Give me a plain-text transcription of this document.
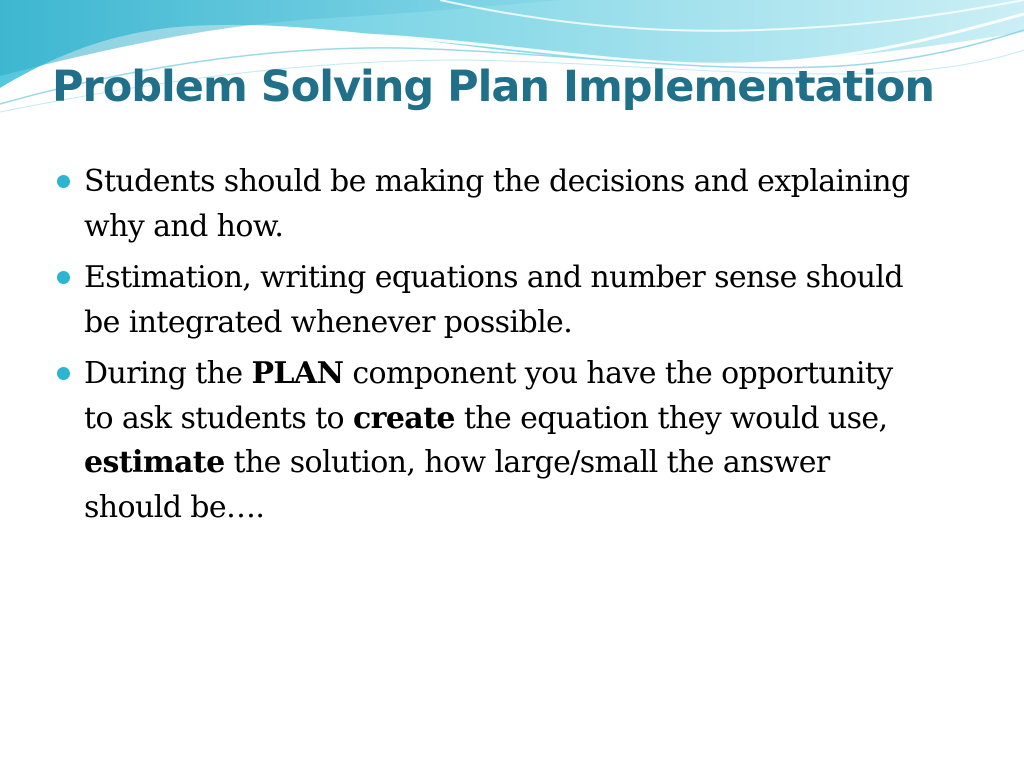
Problem Solving Plan Implementation
Students should be making the decisions and explaining why and how.
Estimation, writing equations and number sense should be integrated whenever possible.
During the PLAN component you have the opportunity to ask students to create the equation they would use, estimate the solution, how large/small the answer should be….
